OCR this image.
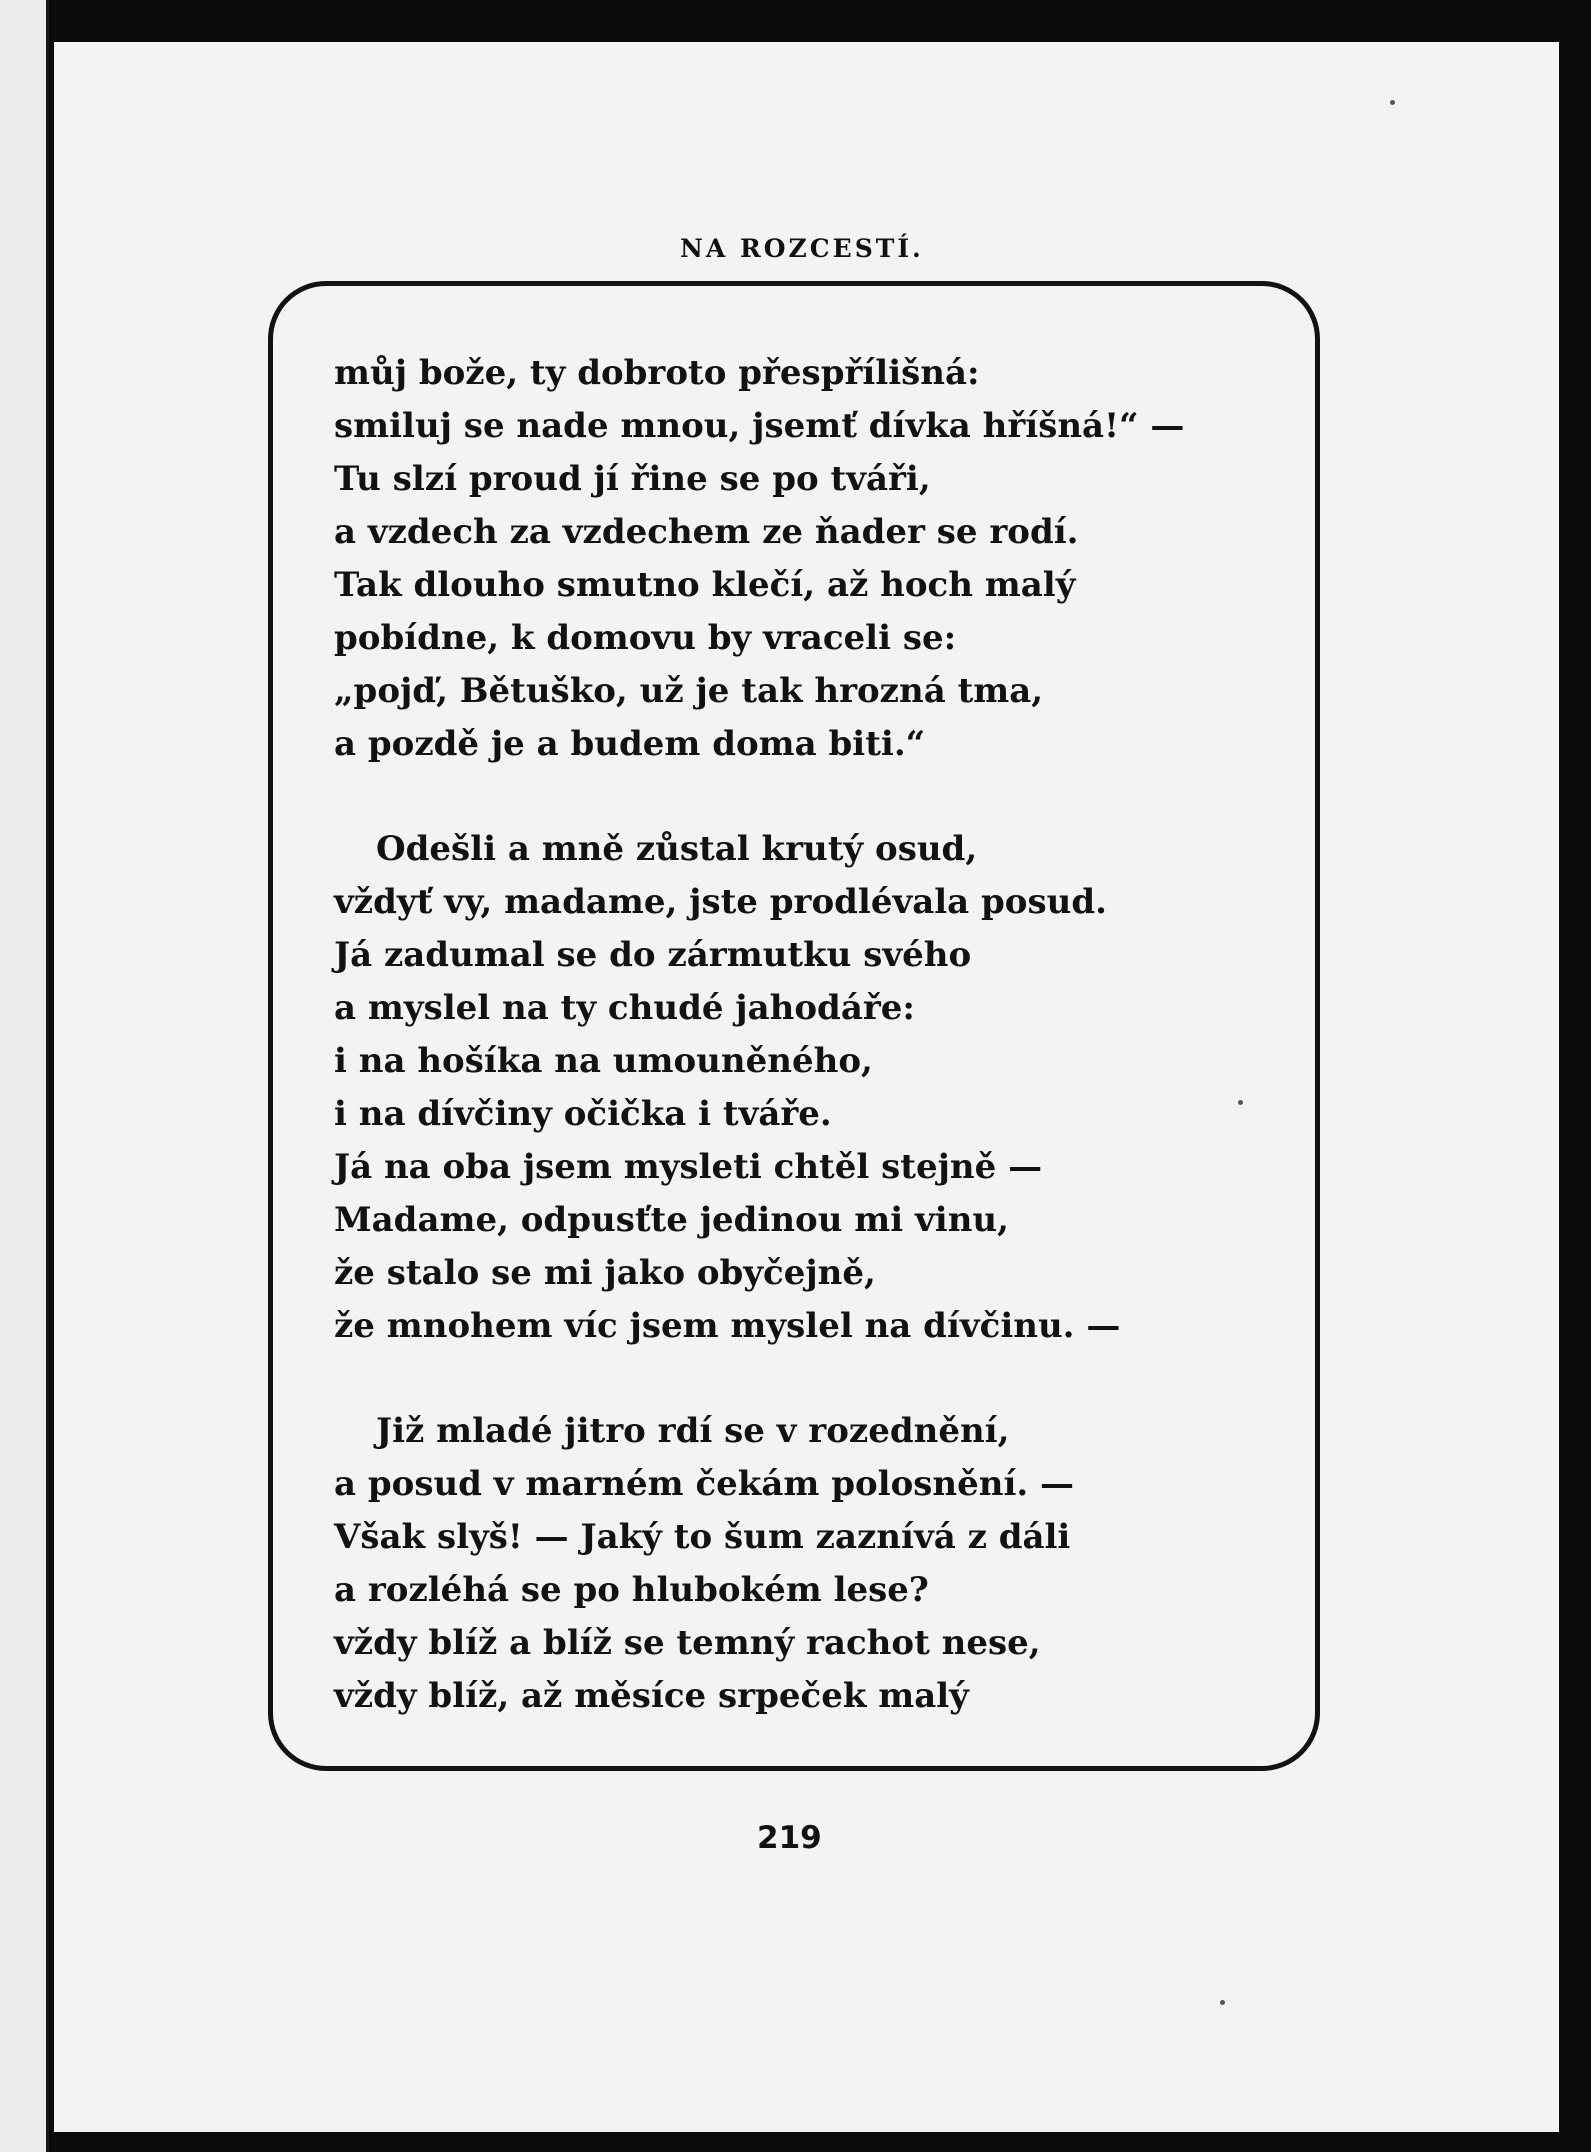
NA ROZCESTÍ.
můj bože, ty dobroto přespřílišná:
smiluj se nade mnou, jsemť dívka hříšná!“ —
Tu slzí proud jí řine se po tváři,
a vzdech za vzdechem ze ňader se rodí.
Tak dlouho smutno klečí, až hoch malý
pobídne, k domovu by vraceli se:
„pojď, Bětuško, už je tak hrozná tma,
a pozdě je a budem doma biti.“
Odešli a mně zůstal krutý osud,
vždyť vy, madame, jste prodlévala posud.
Já zadumal se do zármutku svého
a myslel na ty chudé jahodáře:
i na hošíka na umouněného,
i na dívčiny očička i tváře.
Já na oba jsem mysleti chtěl stejně —
Madame, odpusťte jedinou mi vinu,
že stalo se mi jako obyčejně,
že mnohem víc jsem myslel na dívčinu. —
Již mladé jitro rdí se v rozednění,
a posud v marném čekám polosnění. —
Však slyš! — Jaký to šum zaznívá z dáli
a rozléhá se po hlubokém lese?
vždy blíž a blíž se temný rachot nese,
vždy blíž, až měsíce srpeček malý
219
